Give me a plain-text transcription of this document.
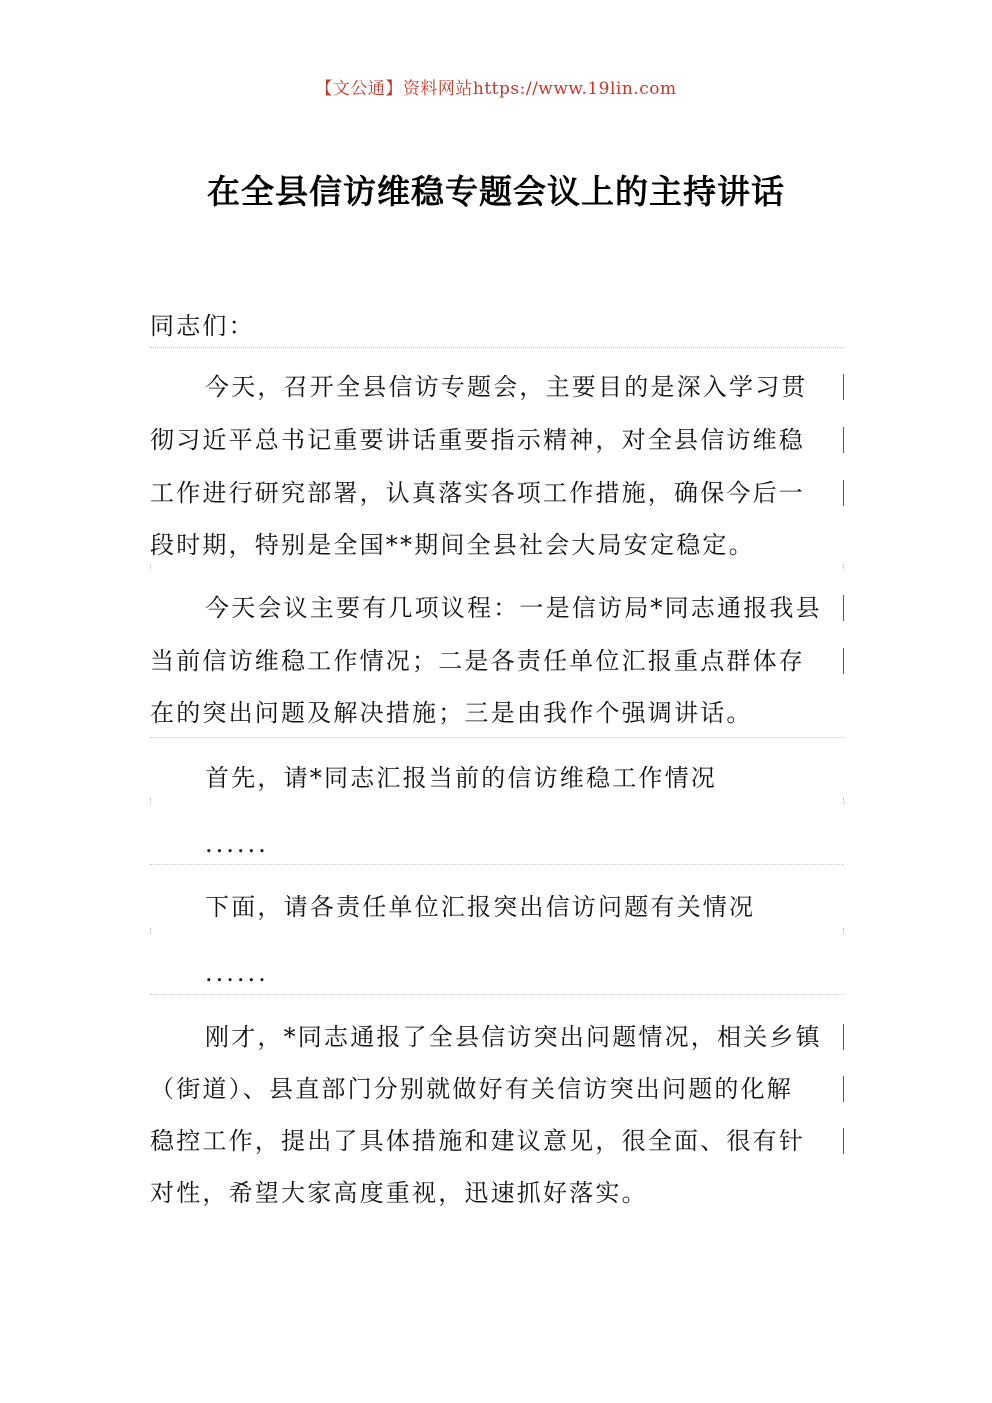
【文公通】资料网站https://www.19lin.com
在全县信访维稳专题会议上的主持讲话
同志们：
今天，召开全县信访专题会，主要目的是深入学习贯
彻习近平总书记重要讲话重要指示精神，对全县信访维稳
工作进行研究部署，认真落实各项工作措施，确保今后一
段时期，特别是全国**期间全县社会大局安定稳定。
今天会议主要有几项议程：一是信访局*同志通报我县
当前信访维稳工作情况；二是各责任单位汇报重点群体存
在的突出问题及解决措施；三是由我作个强调讲话。
首先，请*同志汇报当前的信访维稳工作情况
......
下面，请各责任单位汇报突出信访问题有关情况
......
刚才，*同志通报了全县信访突出问题情况，相关乡镇
（街道）、县直部门分别就做好有关信访突出问题的化解
稳控工作，提出了具体措施和建议意见，很全面、很有针
对性，希望大家高度重视，迅速抓好落实。
